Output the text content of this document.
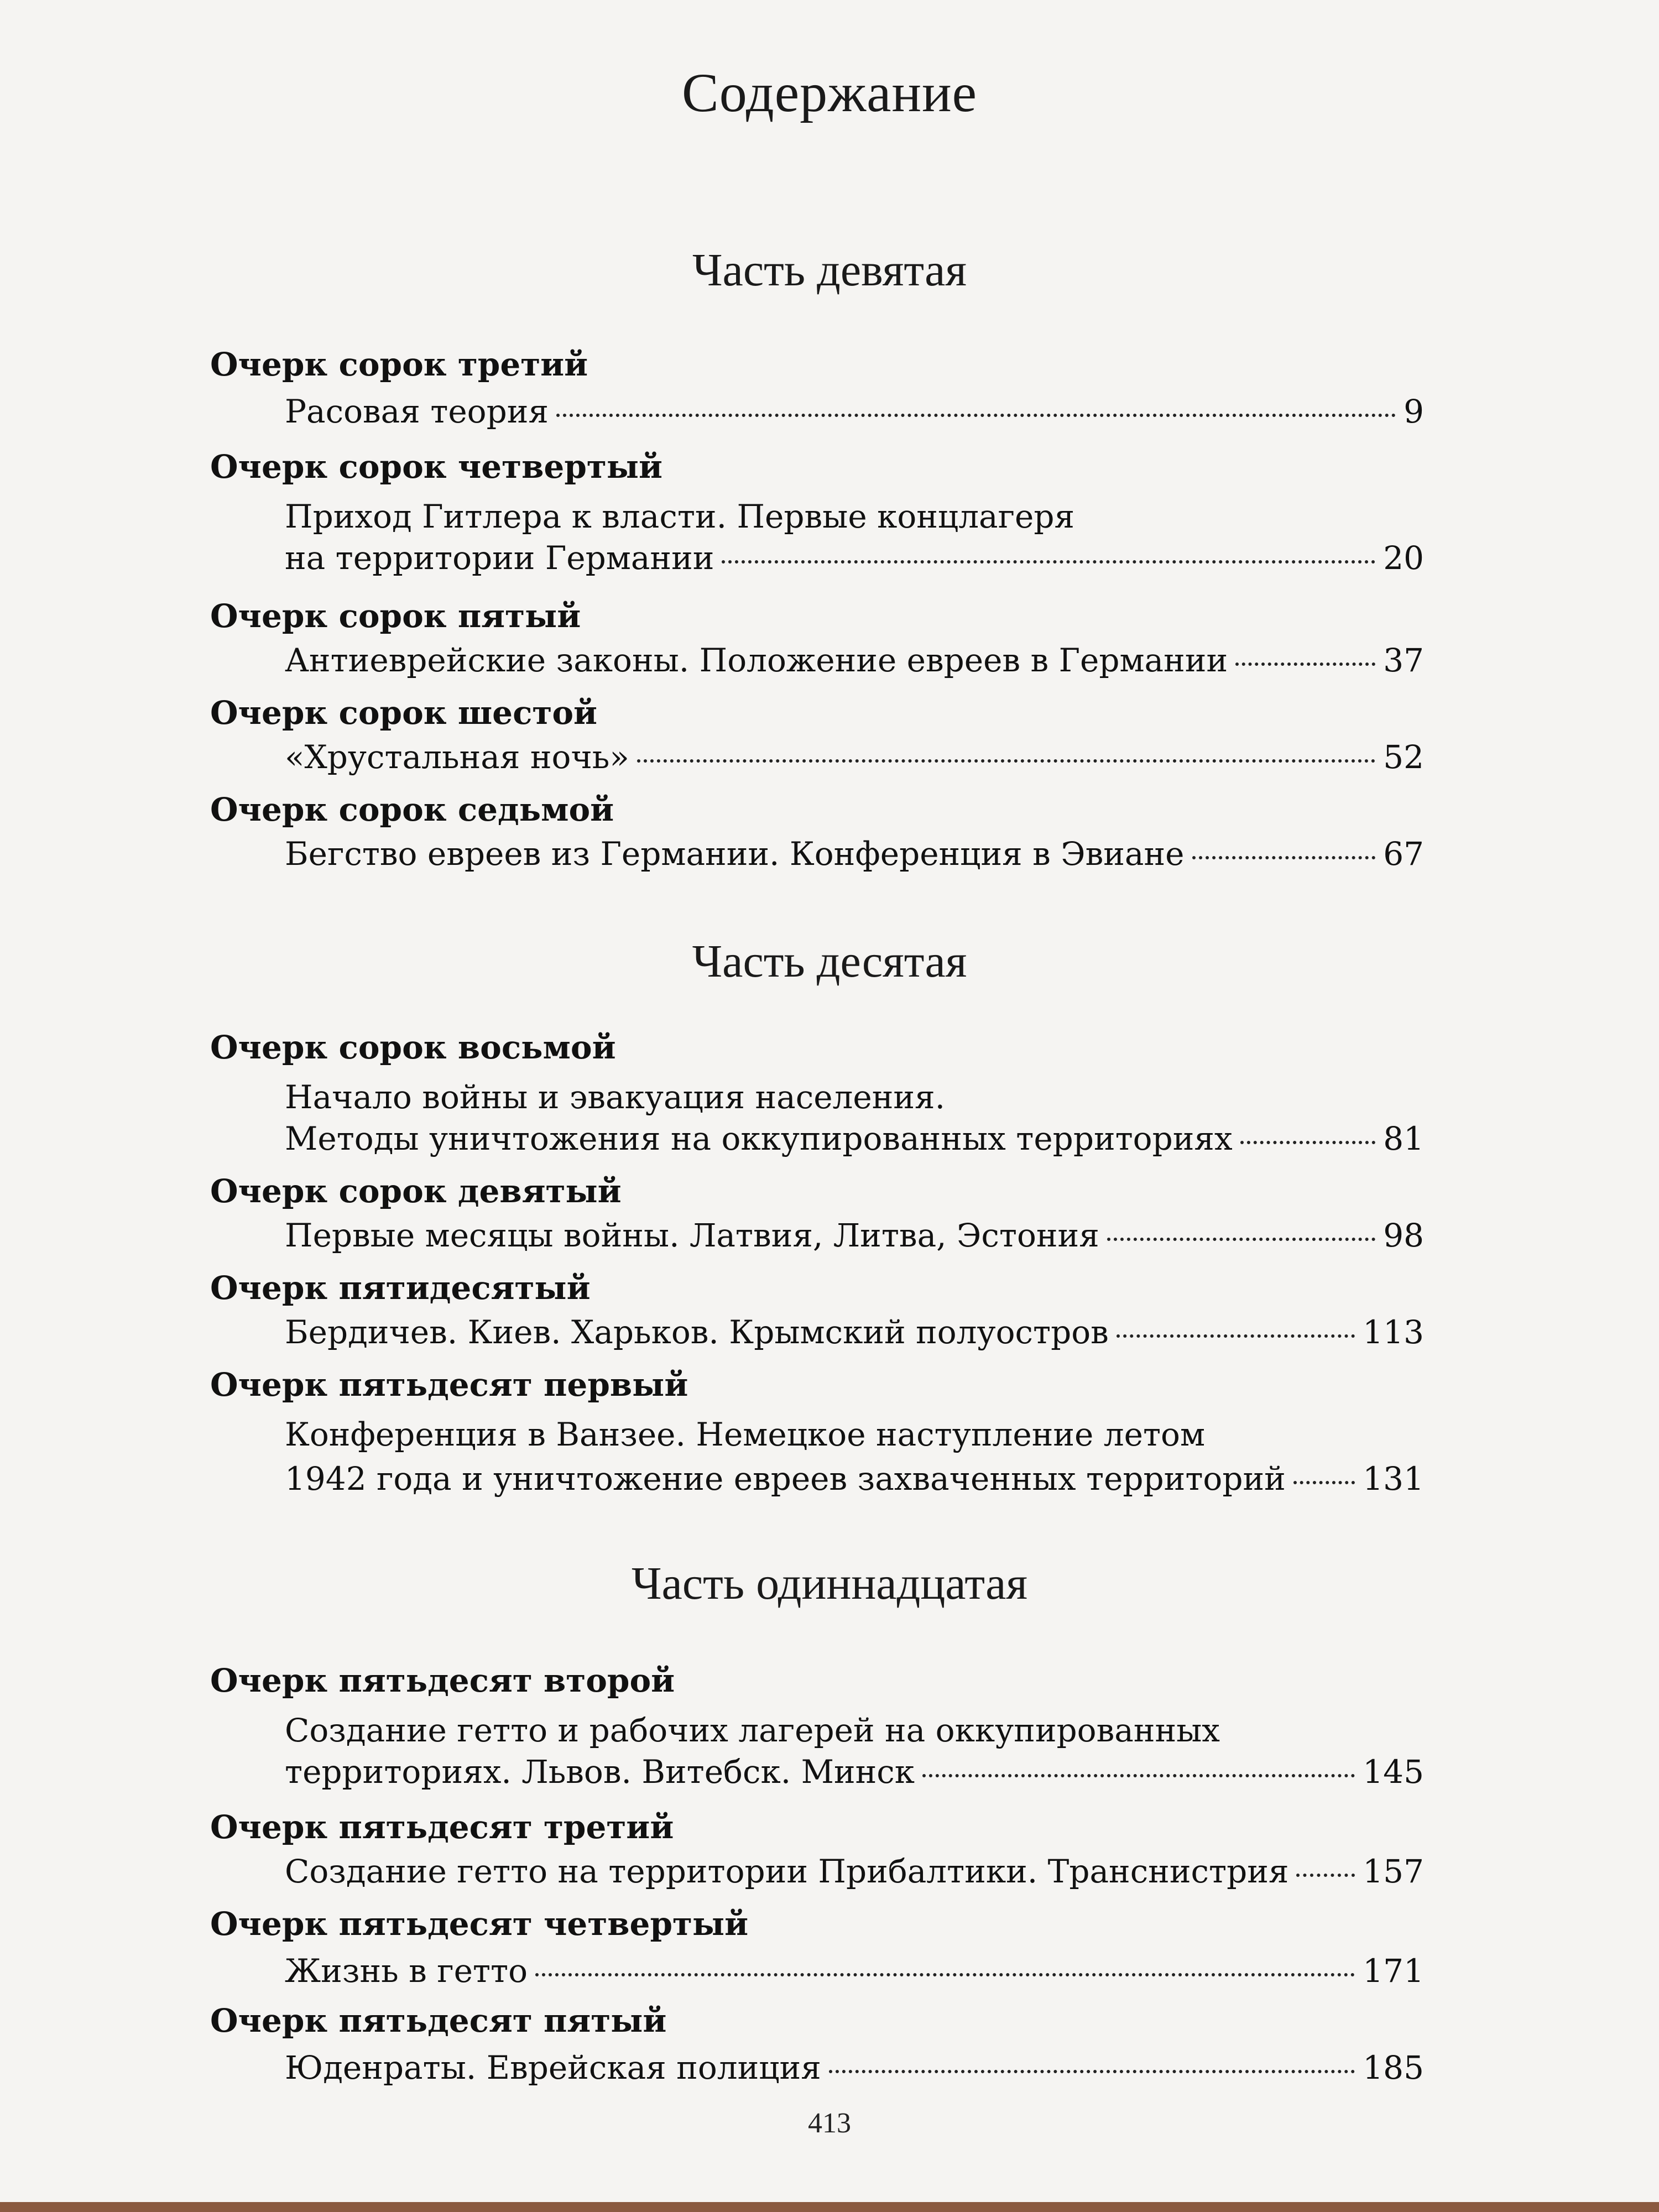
Содержание
Часть девятая
Очерк сорок третий
Расовая теория	9
Очерк сорок четвертый
Приход Гитлера к власти. Первые концлагеря
на территории Германии	20
Очерк сорок пятый
Антиеврейские законы. Положение евреев в Германии	37
Очерк сорок шестой
«Хрустальная ночь»	52
Очерк сорок седьмой
Бегство евреев из Германии. Конференция в Эвиане	67
Часть десятая
Очерк сорок восьмой
Начало войны и эвакуация населения.
Методы уничтожения на оккупированных территориях	81
Очерк сорок девятый
Первые месяцы войны. Латвия, Литва, Эстония	98
Очерк пятидесятый
Бердичев. Киев. Харьков. Крымский полуостров	113
Очерк пятьдесят первый
Конференция в Ванзее. Немецкое наступление летом
1942 года и уничтожение евреев захваченных территорий 131
Часть одиннадцатая
Очерк пятьдесят второй
Создание гетто и рабочих лагерей на оккупированных
территориях. Львов. Витебск. Минск	145
Очерк пятьдесят третий
Создание гетто на территории Прибалтики. Транснистрия 157
Очерк пятьдесят четвертый
Жизнь в гетто	171
Очерк пятьдесят пятый
Юденраты. Еврейская полиция	185
413
